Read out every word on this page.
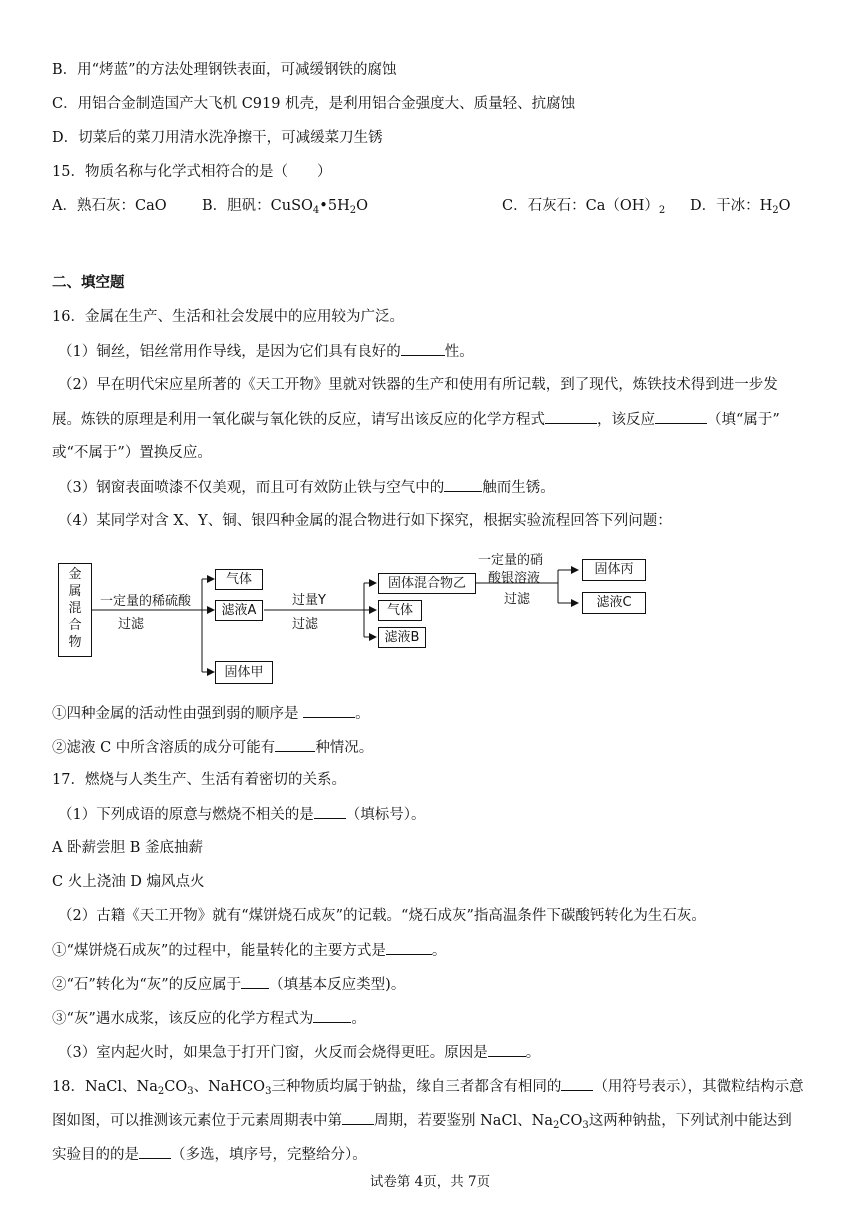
B．用“烤蓝”的方法处理钢铁表面，可减缓钢铁的腐蚀
C．用铝合金制造国产大飞机 C919 机壳，是利用铝合金强度大、质量轻、抗腐蚀
D．切菜后的菜刀用清水洗净擦干，可减缓菜刀生锈
15．物质名称与化学式相符合的是（　　）
A．熟石灰：CaO B．胆矾：$CuSO_4•5H_2O$	C．石灰石：$Ca(OH)_2$ D．干冰：$H_2O$
二、填空题
16．金属在生产、生活和社会发展中的应用较为广泛。
（1）铜丝，铝丝常用作导线，是因为它们具有良好的	性。
（2）早在明代宋应星所著的《天工开物》里就对铁器的生产和使用有所记载，到了现代，炼铁技术得到进一步发
展。炼铁的原理是利用一氧化碳与氧化铁的反应，请写出该反应的化学方程式	，该反应	（填“属于”
或“不属于”）置换反应。
（3）钢窗表面喷漆不仅美观，而且可有效防止铁与空气中的	触而生锈。
（4）某同学对含 X、Y、铜、银四种金属的混合物进行如下探究，根据实验流程回答下列问题：
金
属
混
合
物
一定量的稀硫酸
过滤
气体
滤液A
固体甲
过量Y
过滤
固体混合物乙
气体
滤液B
一定量的硝
酸银溶液
过滤
固体丙
滤液C
①四种金属的活动性由强到弱的顺序是	。
②滤液 C 中所含溶质的成分可能有	种情况。
17．燃烧与人类生产、生活有着密切的关系。
（1）下列成语的原意与燃烧不相关的是 （填标号）。
A 卧薪尝胆 B 釜底抽薪
C 火上浇油 D 煽风点火
（2）古籍《天工开物》就有“煤饼烧石成灰”的记载。“烧石成灰”指高温条件下碳酸钙转化为生石灰。
①“煤饼烧石成灰”的过程中，能量转化的主要方式是	。
②“石”转化为“灰”的反应属于 （填基本反应类型)。
③“灰”遇水成浆，该反应的化学方程式为	。
（3）室内起火时，如果急于打开门窗，火反而会烧得更旺。原因是	。
18．NaCl、$Na_2CO_3$、NaHCO$_3$三种物质均属于钠盐，缘自三者都含有相同的 （用符号表示），其微粒结构示意
图如图，可以推测该元素位于元素周期表中第 周期，若要鉴别 NaCl、$Na_2CO_3$这两种钠盐，下列试剂中能达到
实验目的的是 （多选，填序号，完整给分）。
试卷第 4页，共 7页
